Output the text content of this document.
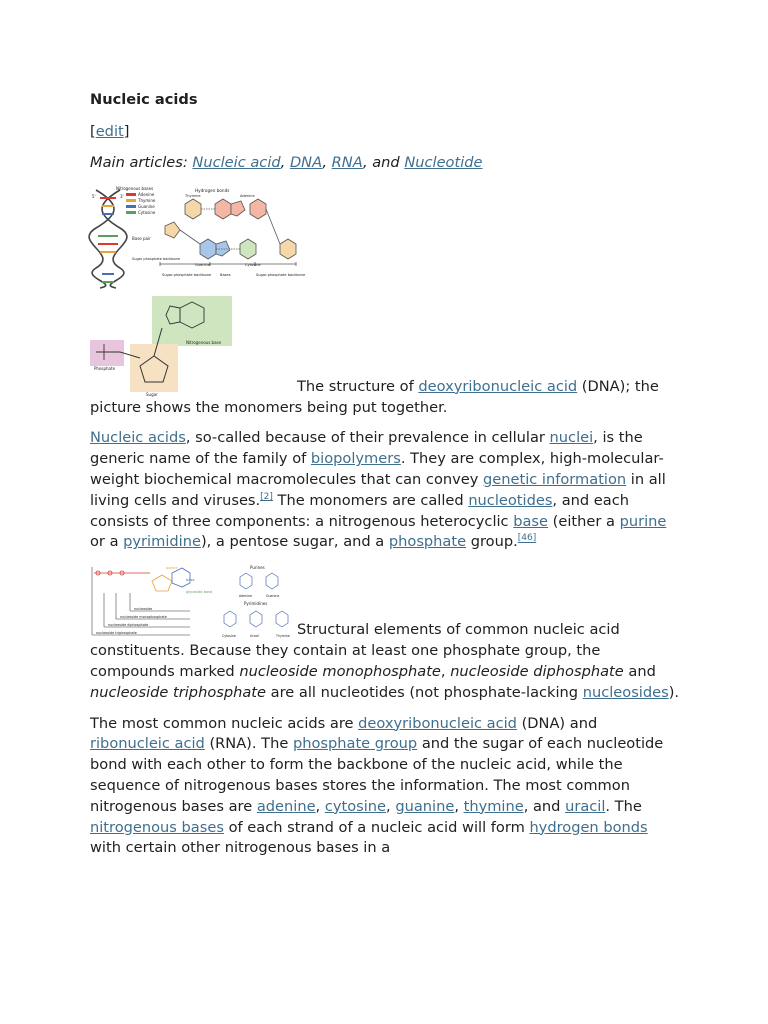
Nucleic acids
[edit]
Main articles: Nucleic acid, DNA, RNA, and Nucleotide
5'	3'
Nitrogenous bases
Adenine
Thymine
Guanine
Cytosine
Base pair
Sugar phosphate backbone
Hydrogen bonds
Thymine	Adenine
Guanine	Cytosine
Sugar-phosphate backbone Bases	Sugar-phosphate backbone

Nitrogenous base
Phosphate
Sugar	The structure of deoxyribonucleic acid (DNA); the picture shows the monomers being put together.

Nucleic acids, so-called because of their prevalence in cellular nuclei, is the generic name of the family of biopolymers. They are complex, high-molecular-weight biochemical macromolecules that can convey genetic information in all living cells and viruses.[2] The monomers are called nucleotides, and each consists of three components: a nitrogenous heterocyclic base (either a purine or a pyrimidine), a pentose sugar, and a phosphate group.[46]

purine
base
glycosidic bond
nucleoside
nucleoside monophosphate
nucleoside diphosphate
nucleoside triphosphate
Purines
Adenine	Guanine
Pyrimidines
Cytosine	Uracil	Thymine Structural elements of common nucleic acid constituents. Because they contain at least one phosphate group, the compounds marked nucleoside monophosphate, nucleoside diphosphate and nucleoside triphosphate are all nucleotides (not phosphate-lacking nucleosides).

The most common nucleic acids are deoxyribonucleic acid (DNA) and ribonucleic acid (RNA). The phosphate group and the sugar of each nucleotide bond with each other to form the backbone of the nucleic acid, while the sequence of nitrogenous bases stores the information. The most common nitrogenous bases are adenine, cytosine, guanine, thymine, and uracil. The nitrogenous bases of each strand of a nucleic acid will form hydrogen bonds with certain other nitrogenous bases in a
